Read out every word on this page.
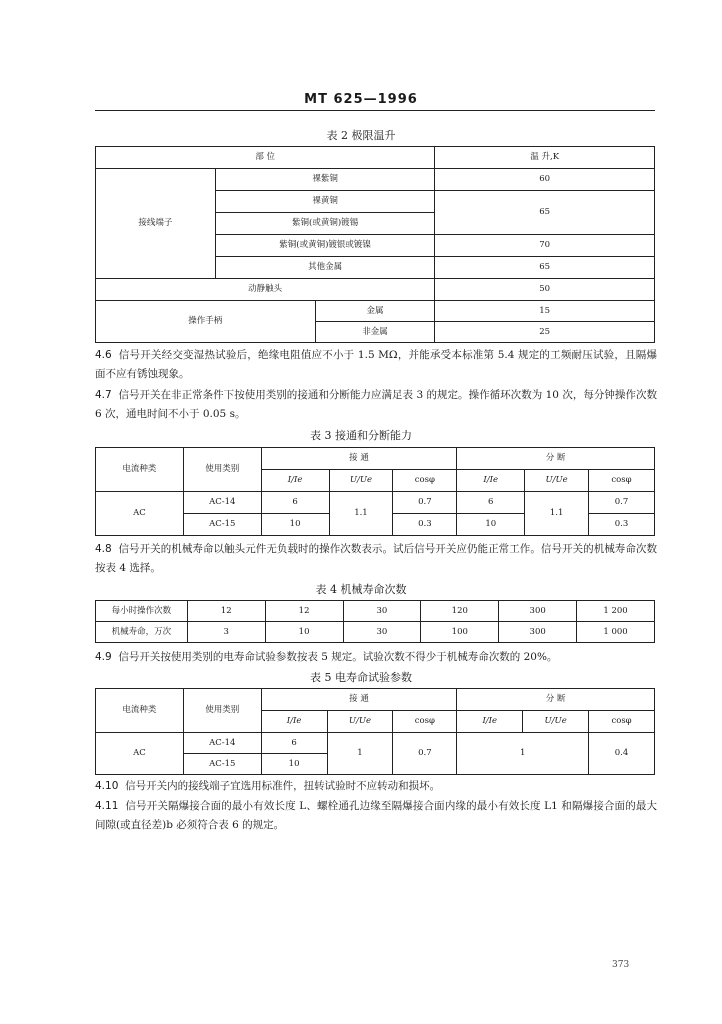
MT 625—1996
表 2 极限温升
部 位			温 升,K
接线端子	裸紫铜		60
	裸黄铜		65
	紫铜(或黄铜)镀锡		
	紫铜(或黄铜)镀银或镀镍		70
	其他金属		65
动静触头			50
操作手柄		金属	15
		非金属	25
4.6 信号开关经交变湿热试验后，绝缘电阻值应不小于 1.5 MΩ，并能承受本标准第 5.4 规定的工频耐压试验，且隔爆面不应有锈蚀现象。
4.7 信号开关在非正常条件下按使用类别的接通和分断能力应满足表 3 的规定。操作循环次数为 10 次，每分钟操作次数 6 次，通电时间不小于 0.05 s。
表 3 接通和分断能力
电流种类	使用类别	接 通			分 断		
		I/Ie	U/Ue	cosφ	I/Ie	U/Ue	cosφ
AC	AC-14	6	1.1	0.7	6	1.1	0.7
	AC-15	10		0.3	10		0.3
4.8 信号开关的机械寿命以触头元件无负载时的操作次数表示。试后信号开关应仍能正常工作。信号开关的机械寿命次数按表 4 选择。
表 4 机械寿命次数
每小时操作次数	12	12	30	120	300	1 200
机械寿命，万次	3	10	30	100	300	1 000
4.9 信号开关按使用类别的电寿命试验参数按表 5 规定。试验次数不得少于机械寿命次数的 20%。
表 5 电寿命试验参数
电流种类	使用类别	接 通			分 断		
		I/Ie	U/Ue	cosφ	I/Ie	U/Ue	cosφ
AC	AC-14	6	1	0.7	1		0.4
	AC-15	10					
4.10 信号开关内的接线端子宜选用标准件，扭转试验时不应转动和损坏。
4.11 信号开关隔爆接合面的最小有效长度 L、螺栓通孔边缘至隔爆接合面内缘的最小有效长度 L1 和隔爆接合面的最大间隙(或直径差)b 必须符合表 6 的规定。
373
